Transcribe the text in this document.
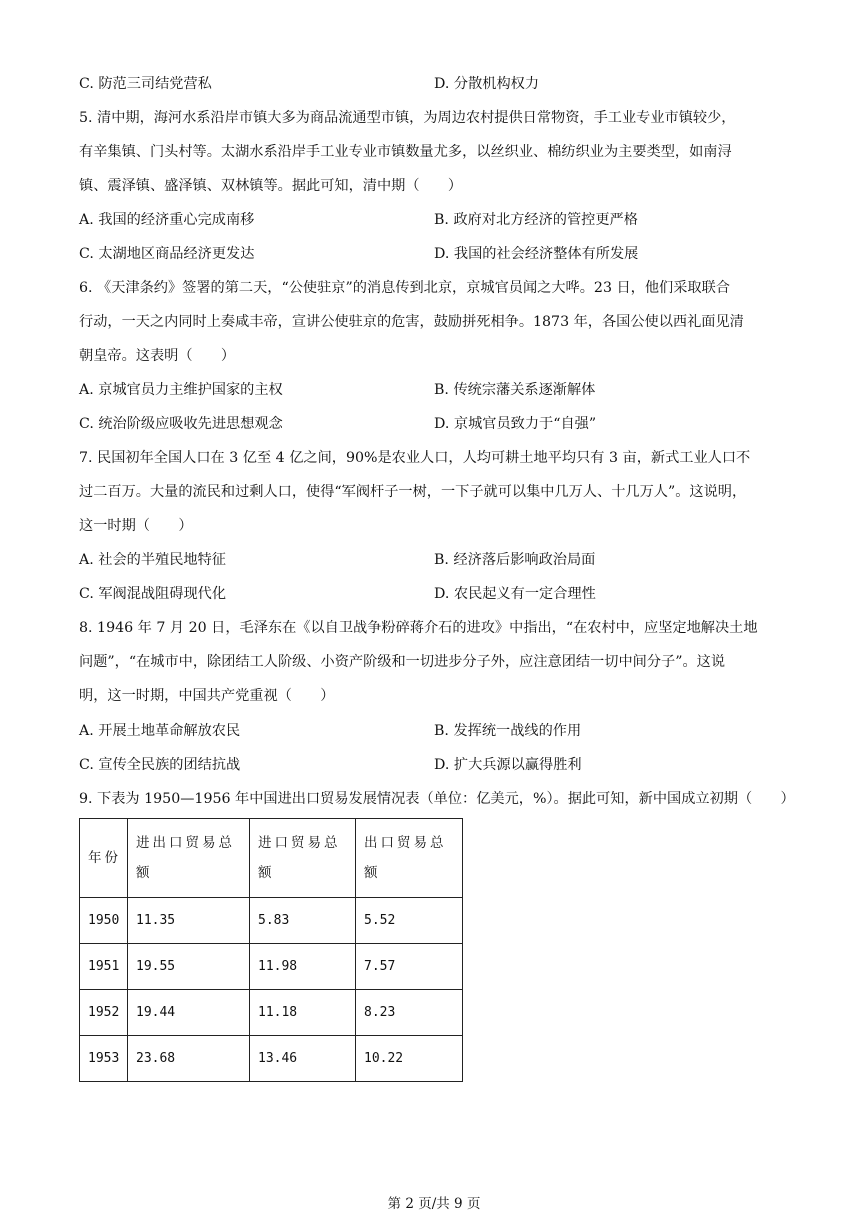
C. 防范三司结党营私	D. 分散机构权力
5. 清中期，海河水系沿岸市镇大多为商品流通型市镇，为周边农村提供日常物资，手工业专业市镇较少，
有辛集镇、门头村等。太湖水系沿岸手工业专业市镇数量尤多，以丝织业、棉纺织业为主要类型，如南浔
镇、震泽镇、盛泽镇、双林镇等。据此可知，清中期（　　）
A. 我国的经济重心完成南移	B. 政府对北方经济的管控更严格
C. 太湖地区商品经济更发达	D. 我国的社会经济整体有所发展
6. 《天津条约》签署的第二天，“公使驻京”的消息传到北京，京城官员闻之大哗。23 日，他们采取联合
行动，一天之内同时上奏咸丰帝，宣讲公使驻京的危害，鼓励拼死相争。1873 年，各国公使以西礼面见清
朝皇帝。这表明（　　）
A. 京城官员力主维护国家的主权	B. 传统宗藩关系逐渐解体
C. 统治阶级应吸收先进思想观念	D. 京城官员致力于“自强”
7. 民国初年全国人口在 3 亿至 4 亿之间，90%是农业人口，人均可耕土地平均只有 3 亩，新式工业人口不
过二百万。大量的流民和过剩人口，使得“军阀杆子一树，一下子就可以集中几万人、十几万人”。这说明，
这一时期（　　）
A. 社会的半殖民地特征	B. 经济落后影响政治局面
C. 军阀混战阻碍现代化	D. 农民起义有一定合理性
8. 1946 年 7 月 20 日，毛泽东在《以自卫战争粉碎蒋介石的进攻》中指出，“在农村中，应坚定地解决土地
问题”，“在城市中，除团结工人阶级、小资产阶级和一切进步分子外，应注意团结一切中间分子”。这说
明，这一时期，中国共产党重视（　　）
A. 开展土地革命解放农民	B. 发挥统一战线的作用
C. 宣传全民族的团结抗战	D. 扩大兵源以赢得胜利
9. 下表为 1950—1956 年中国进出口贸易发展情况表（单位：亿美元，%）。据此可知，新中国成立初期（　　）
年份	进出口贸易总额	进口贸易总额	出口贸易总额
1950	11.35	5.83	5.52
1951	19.55	11.98	7.57
1952	19.44	11.18	8.23
1953	23.68	13.46	10.22
第 2 页/共 9 页
